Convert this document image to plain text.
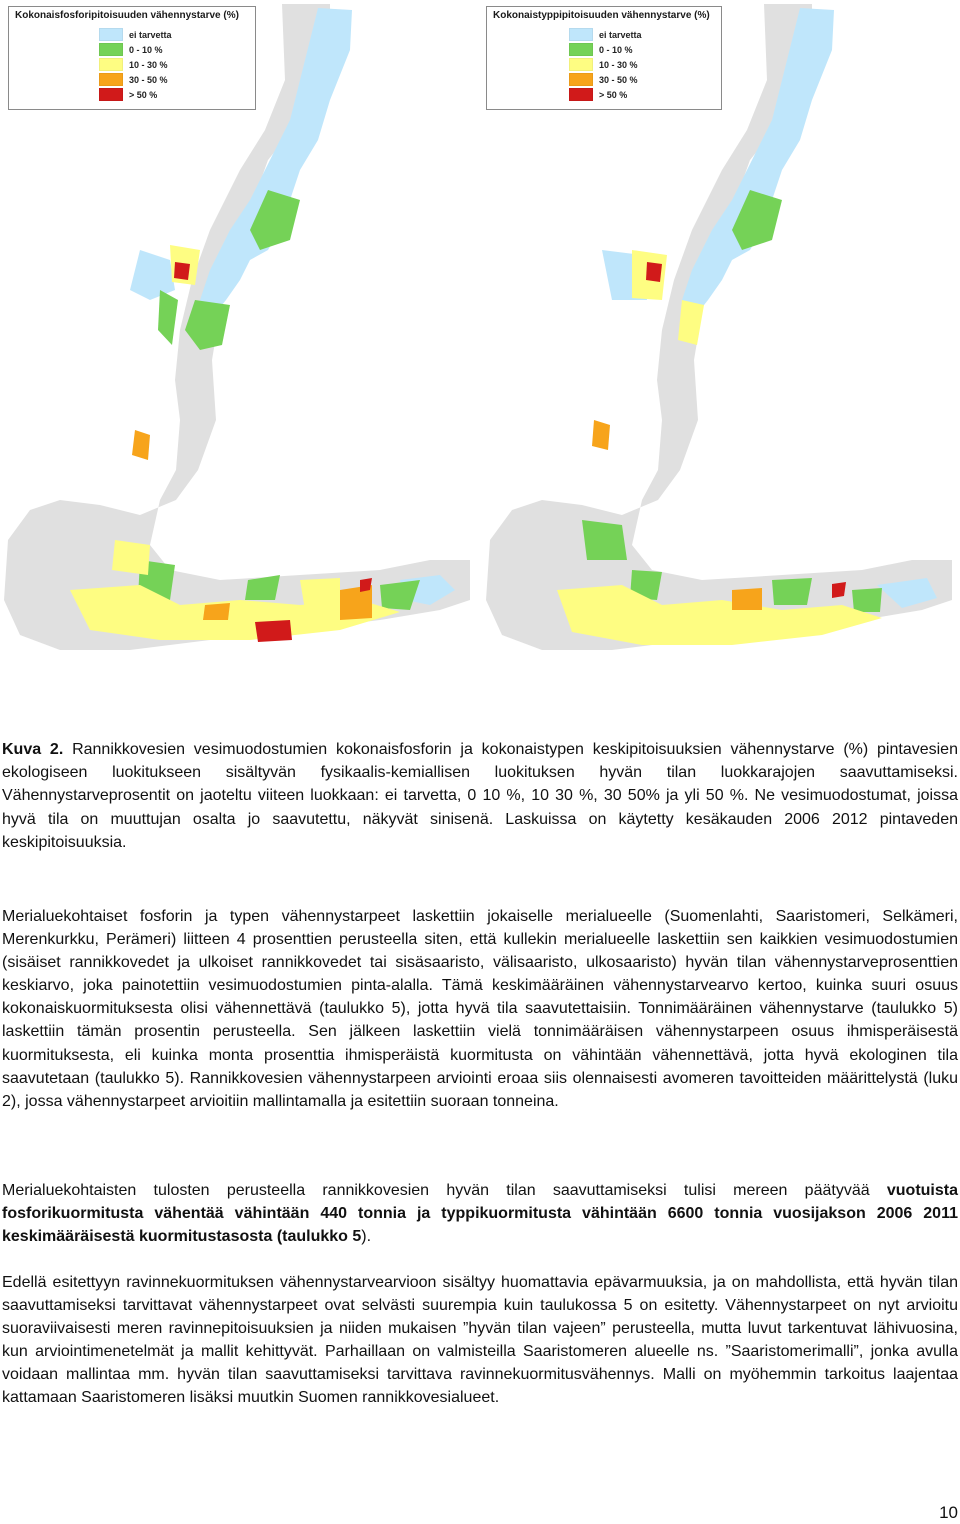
Kokonaisfosforipitoisuuden vähennystarve (%)
ei tarvetta
0 - 10 %
10 - 30 %
30 - 50 %
> 50 %
Kokonaistyppipitoisuuden vähennystarve (%)
ei tarvetta
0 - 10 %
10 - 30 %
30 - 50 %
> 50 %
Kuva 2. Rannikkovesien vesimuodostumien kokonaisfosforin ja kokonaistypen keskipitoisuuksien vähennystarve (%) pintavesien ekologiseen luokitukseen sisältyvän fysikaalis-kemiallisen luokituksen hyvän tilan luokkarajojen saavuttamiseksi. Vähennystarveprosentit on jaoteltu viiteen luokkaan: ei tarvetta, 0 10 %, 10 30 %, 30 50% ja yli 50 %. Ne vesimuodostumat, joissa hyvä tila on muuttujan osalta jo saavutettu, näkyvät sinisenä. Laskuissa on käytetty kesäkauden 2006 2012 pintaveden keskipitoisuuksia.

Merialuekohtaiset fosforin ja typen vähennystarpeet laskettiin jokaiselle merialueelle (Suomenlahti, Saaristomeri, Selkämeri, Merenkurkku, Perämeri) liitteen 4 prosenttien perusteella siten, että kullekin merialueelle laskettiin sen kaikkien vesimuodostumien (sisäiset rannikkovedet ja ulkoiset rannikkovedet tai sisäsaaristo, välisaaristo, ulkosaaristo) hyvän tilan vähennystarveprosenttien keskiarvo, joka painotettiin vesimuodostumien pinta-alalla. Tämä keskimääräinen vähennystarvearvo kertoo, kuinka suuri osuus kokonaiskuormituksesta olisi vähennettävä (taulukko 5), jotta hyvä tila saavutettaisiin. Tonnimääräinen vähennystarve (taulukko 5) laskettiin tämän prosentin perusteella. Sen jälkeen laskettiin vielä tonnimääräisen vähennystarpeen osuus ihmisperäisestä kuormituksesta, eli kuinka monta prosenttia ihmisperäistä kuormitusta on vähintään vähennettävä, jotta hyvä ekologinen tila saavutetaan (taulukko 5). Rannikkovesien vähennystarpeen arviointi eroaa siis olennaisesti avomeren tavoitteiden määrittelystä (luku 2), jossa vähennystarpeet arvioitiin mallintamalla ja esitettiin suoraan tonneina.

Merialuekohtaisten tulosten perusteella rannikkovesien hyvän tilan saavuttamiseksi tulisi mereen päätyvää vuotuista fosforikuormitusta vähentää vähintään 440 tonnia ja typpikuormitusta vähintään 6600 tonnia vuosijakson 2006 2011 keskimääräisestä kuormitustasosta (taulukko 5).

Edellä esitettyyn ravinnekuormituksen vähennystarvearvioon sisältyy huomattavia epävarmuuksia, ja on mahdollista, että hyvän tilan saavuttamiseksi tarvittavat vähennystarpeet ovat selvästi suurempia kuin taulukossa 5 on esitetty. Vähennystarpeet on nyt arvioitu suoraviivaisesti meren ravinnepitoisuuksien ja niiden mukaisen ”hyvän tilan vajeen” perusteella, mutta luvut tarkentuvat lähivuosina, kun arviointimenetelmät ja mallit kehittyvät. Parhaillaan on valmisteilla Saaristomeren alueelle ns. ”Saaristomerimalli”, jonka avulla voidaan mallintaa mm. hyvän tilan saavuttamiseksi tarvittava ravinnekuormitusvähennys. Malli on myöhemmin tarkoitus laajentaa kattamaan Saaristomeren lisäksi muutkin Suomen rannikkovesialueet.

10
